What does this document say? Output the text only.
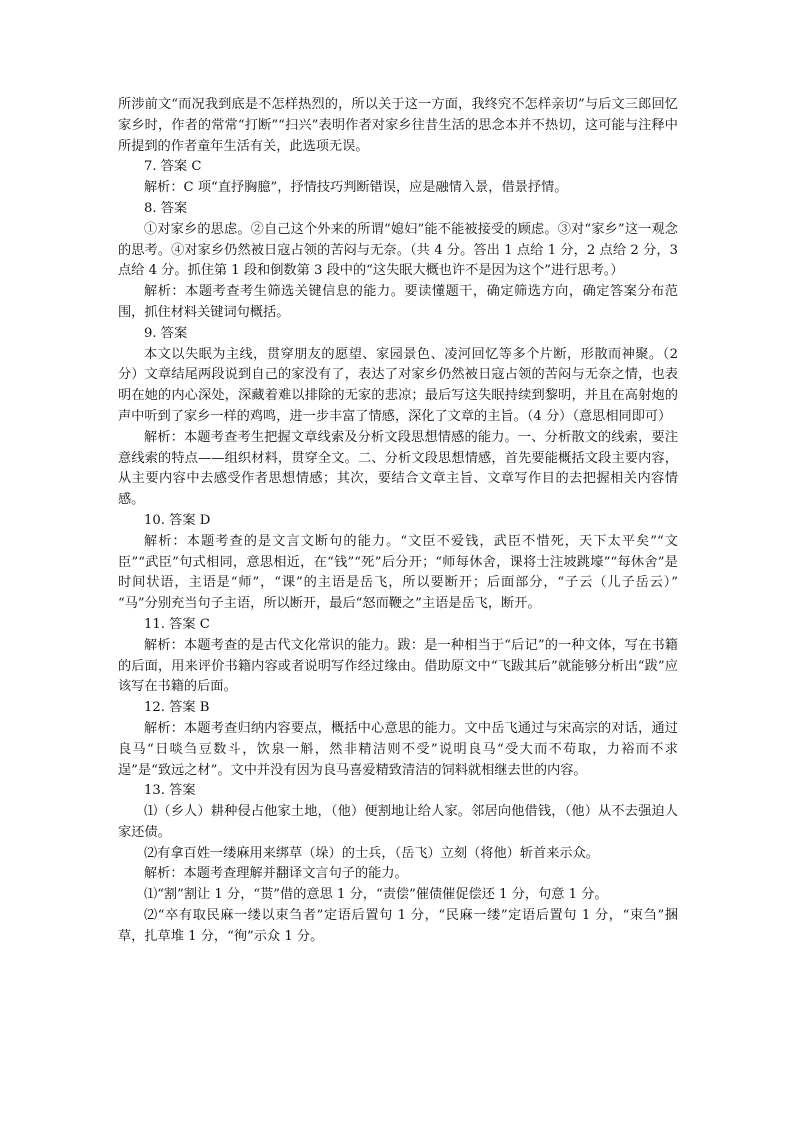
所涉前文“而况我到底是不怎样热烈的，所以关于这一方面，我终究不怎样亲切”与后文三郎回忆家乡时，作者的常常“打断”“扫兴”表明作者对家乡往昔生活的思念本并不热切，这可能与注释中所提到的作者童年生活有关，此选项无误。

7. 答案 C

解析：C 项“直抒胸臆”，抒情技巧判断错误，应是融情入景，借景抒情。

8. 答案

①对家乡的思虑。②自己这个外来的所谓“媳妇”能不能被接受的顾虑。③对“家乡”这一观念的思考。④对家乡仍然被日寇占领的苦闷与无奈。（共 4 分。答出 1 点给 1 分，2 点给 2 分，3 点给 4 分。抓住第 1 段和倒数第 3 段中的“这失眠大概也许不是因为这个”进行思考。）

解析：本题考查考生筛选关键信息的能力。要读懂题干，确定筛选方向，确定答案分布范围，抓住材料关键词句概括。

9. 答案

本文以失眠为主线，贯穿朋友的愿望、家园景色、凌河回忆等多个片断，形散而神聚。（2 分）文章结尾两段说到自己的家没有了，表达了对家乡仍然被日寇占领的苦闷与无奈之情，也表明在她的内心深处，深藏着难以排除的无家的悲凉；最后写这失眠持续到黎明，并且在高射炮的声中听到了家乡一样的鸡鸣，进一步丰富了情感，深化了文章的主旨。（4 分）（意思相同即可）

解析：本题考查考生把握文章线索及分析文段思想情感的能力。一、分析散文的线索，要注意线索的特点——组织材料，贯穿全文。二、分析文段思想情感，首先要能概括文段主要内容，从主要内容中去感受作者思想情感；其次，要结合文章主旨、文章写作目的去把握相关内容情感。

10. 答案 D

解析：本题考查的是文言文断句的能力。“文臣不爱钱，武臣不惜死，天下太平矣”“文臣”“武臣”句式相同，意思相近，在“钱”“死”后分开；“师每休舍，课将士注坡跳壕”“每休舍”是时间状语，主语是“师”，“课”的主语是岳飞，所以要断开；后面部分，“子云（儿子岳云）” “马”分别充当句子主语，所以断开，最后“怒而鞭之”主语是岳飞，断开。

11. 答案 C

解析：本题考查的是古代文化常识的能力。跋：是一种相当于“后记”的一种文体，写在书籍的后面，用来评价书籍内容或者说明写作经过缘由。借助原文中“飞跋其后”就能够分析出“跋”应该写在书籍的后面。

12. 答案 B

解析：本题考查归纳内容要点，概括中心意思的能力。文中岳飞通过与宋高宗的对话，通过良马“日啖刍豆数斗，饮泉一斛，然非精洁则不受”说明良马“受大而不苟取，力裕而不求逞”是“致远之材”。文中并没有因为良马喜爱精致清洁的饲料就相继去世的内容。

13. 答案

⑴（乡人）耕种侵占他家土地，（他）便割地让给人家。邻居向他借钱，（他）从不去强迫人家还债。

⑵有拿百姓一缕麻用来绑草（垛）的士兵，（岳飞）立刻（将他）斩首来示众。

解析：本题考查理解并翻译文言句子的能力。

⑴“割”割让 1 分，“贳”借的意思 1 分，“责偿”催债催促偿还 1 分，句意 1 分。

⑵“卒有取民麻一缕以束刍者”定语后置句 1 分，“民麻一缕”定语后置句 1 分，“束刍”捆草，扎草堆 1 分，“徇”示众 1 分。
